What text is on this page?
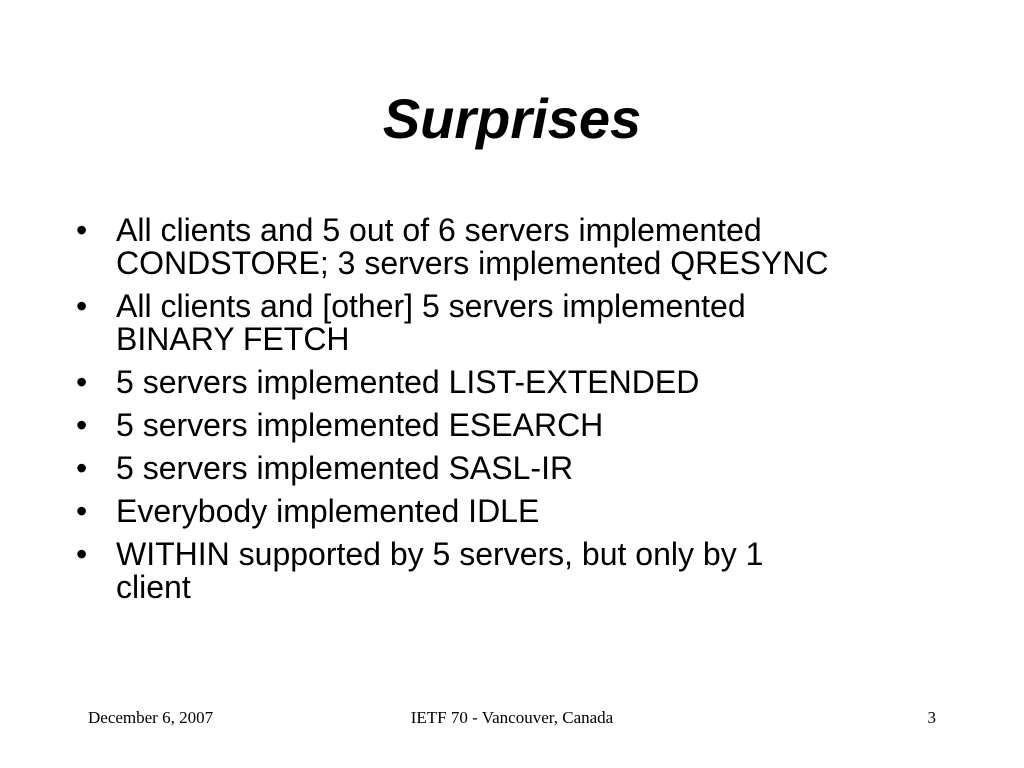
Surprises
• All clients and 5 out of 6 servers implemented
CONDSTORE; 3 servers implemented QRESYNC
• All clients and [other] 5 servers implemented
BINARY FETCH
• 5 servers implemented LIST-EXTENDED
• 5 servers implemented ESEARCH
• 5 servers implemented SASL-IR
• Everybody implemented IDLE
• WITHIN supported by 5 servers, but only by 1
client
December 6, 2007	IETF 70 - Vancouver, Canada	3
